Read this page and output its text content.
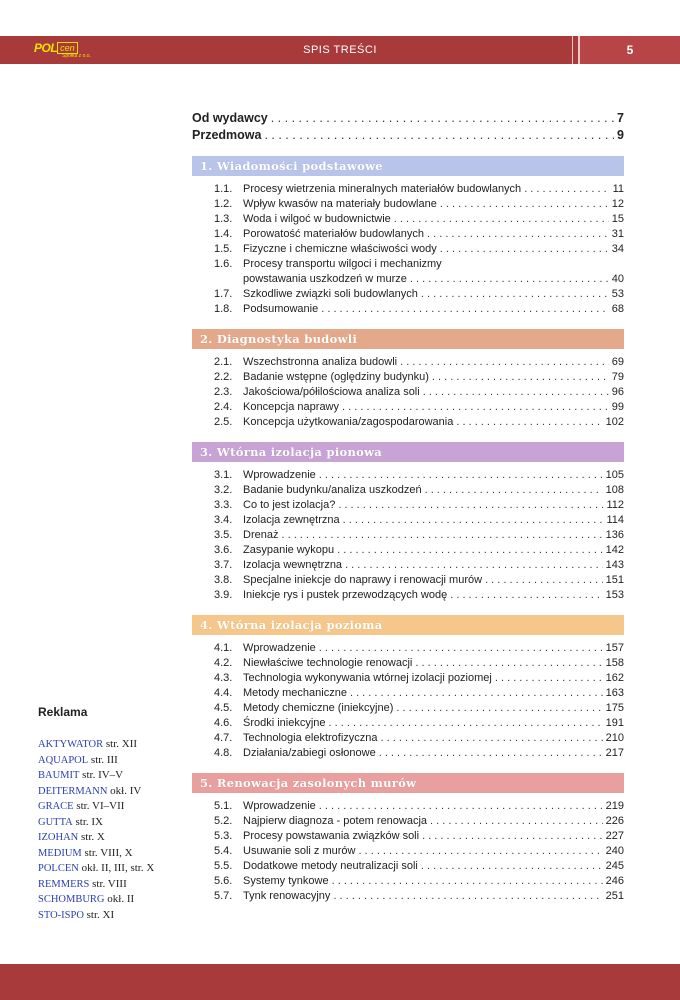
POL cen
Spółka z o.o.	SPIS TREŚCI	5
Od wydawcy . . .	7
Przedmowa . . .	9
1. Wiadomości podstawowe
1.1. Procesy wietrzenia mineralnych materiałów budowlanych . . .	11
1.2. Wpływ kwasów na materiały budowlane . . .	12
1.3. Woda i wilgoć w budownictwie . . .	15
1.4. Porowatość materiałów budowlanych . . .	31
1.5. Fizyczne i chemiczne właściwości wody . . .	34
1.6. Procesy transportu wilgoci i mechanizmy
powstawania uszkodzeń w murze . . .	40
1.7. Szkodliwe związki soli budowlanych . . .	53
1.8. Podsumowanie . . .	68
2. Diagnostyka budowli
2.1. Wszechstronna analiza budowli . . .	69
2.2. Badanie wstępne (oględziny budynku) . . .	79
2.3. Jakościowa/półilościowa analiza soli . . .	96
2.4. Koncepcja naprawy . . .	99
2.5. Koncepcja użytkowania/zagospodarowania . . .	102
3. Wtórna izolacja pionowa
3.1. Wprowadzenie . . .	105
3.2. Badanie budynku/analiza uszkodzeń . . .	108
3.3. Co to jest izolacja? . . .	112
3.4. Izolacja zewnętrzna . . .	114
3.5. Drenaż . . .	136
3.6. Zasypanie wykopu . . .	142
3.7. Izolacja wewnętrzna . . .	143
3.8. Specjalne iniekcje do naprawy i renowacji murów . . .	151
3.9. Iniekcje rys i pustek przewodzących wodę . . .	153
4. Wtórna izolacja pozioma
4.1. Wprowadzenie . . .	157
4.2. Niewłaściwe technologie renowacji . . .	158
4.3. Technologia wykonywania wtórnej izolacji poziomej . . .	162
4.4. Metody mechaniczne . . .	163
4.5. Metody chemiczne (iniekcyjne) . . .	175
4.6. Środki iniekcyjne . . .	191
4.7. Technologia elektrofizyczna . . .	210
4.8. Działania/zabiegi osłonowe . . .	217
5. Renowacja zasolonych murów
5.1. Wprowadzenie . . .	219
5.2. Najpierw diagnoza - potem renowacja . . .	226
5.3. Procesy powstawania związków soli . . .	227
5.4. Usuwanie soli z murów . . .	240
5.5. Dodatkowe metody neutralizacji soli . . .	245
5.6. Systemy tynkowe . . .	246
5.7. Tynk renowacyjny . . .	251
Reklama
AKTYWATOR str. XII
AQUAPOL str. III
BAUMIT str. IV–V
DEITERMANN okł. IV
GRACE str. VI–VII
GUTTA str. IX
IZOHAN str. X
MEDIUM str. VIII, X
POLCEN okł. II, III, str. X
REMMERS str. VIII
SCHOMBURG okł. II
STO-ISPO str. XI
